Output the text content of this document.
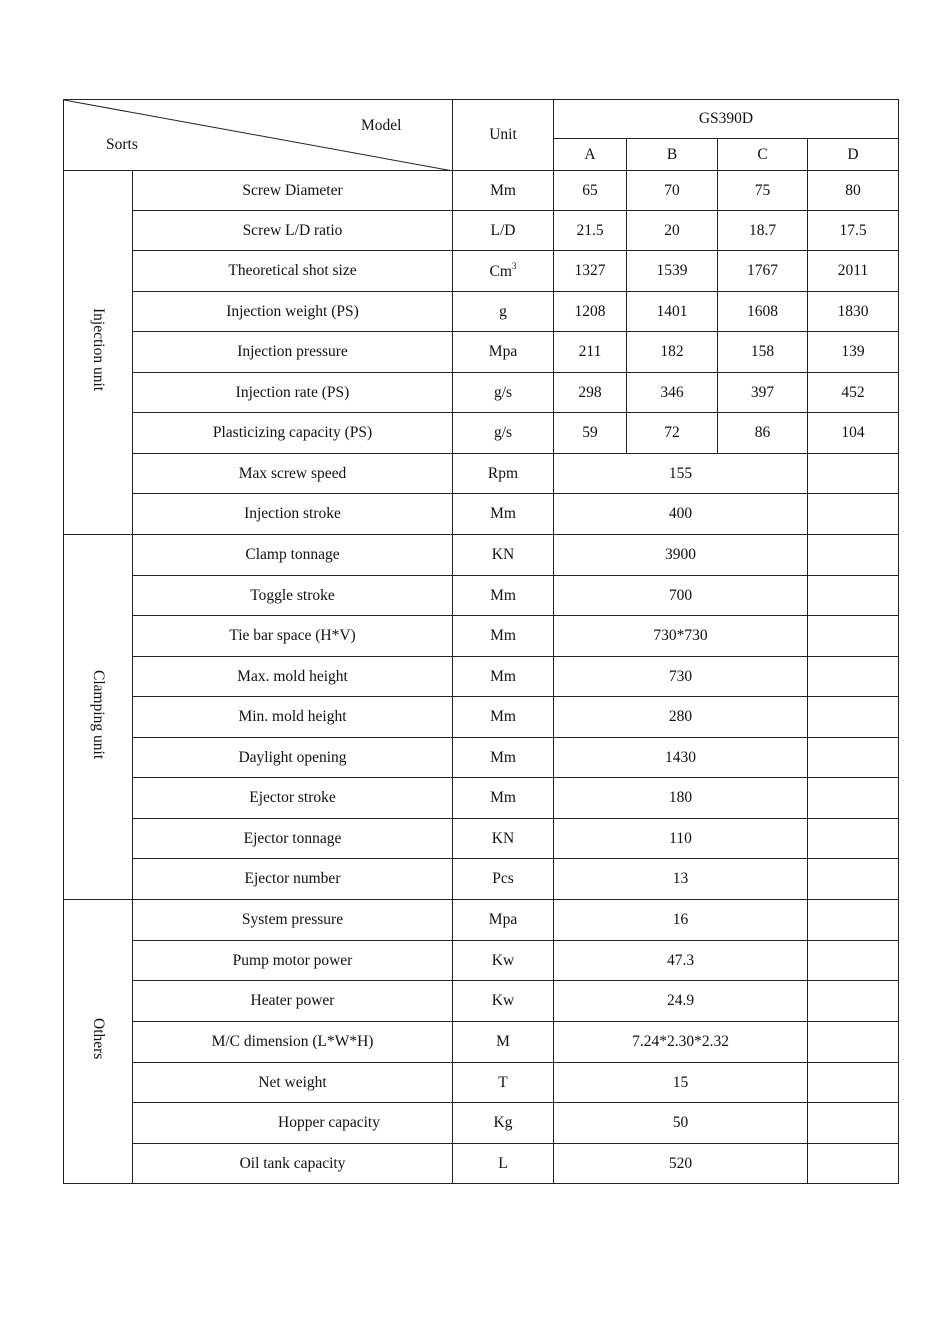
Model
Sorts		Unit	GS390D			
			A	B	C	D
Injection unit	Screw Diameter	Mm	65	70	75	80
	Screw L/D ratio	L/D	21.5	20	18.7	17.5
	Theoretical shot size	Cm$^3$	1327	1539	1767	2011
	Injection weight (PS)	g	1208	1401	1608	1830
	Injection pressure	Mpa	211	182	158	139
	Injection rate (PS)	g/s	298	346	397	452
	Plasticizing capacity (PS)	g/s	59	72	86	104
	Max screw speed	Rpm	155			
	Injection stroke	Mm	400			
Clamping unit	Clamp tonnage	KN	3900			
	Toggle stroke	Mm	700			
	Tie bar space (H*V)	Mm	730*730			
	Max. mold height	Mm	730			
	Min. mold height	Mm	280			
	Daylight opening	Mm	1430			
	Ejector stroke	Mm	180			
	Ejector tonnage	KN	110			
	Ejector number	Pcs	13			
Others	System pressure	Mpa	16			
	Pump motor power	Kw	47.3			
	Heater power	Kw	24.9			
	M/C dimension (L*W*H)	M	7.24*2.30*2.32			
	Net weight	T	15			
	Hopper capacity	Kg	50			
	Oil tank capacity	L	520			
